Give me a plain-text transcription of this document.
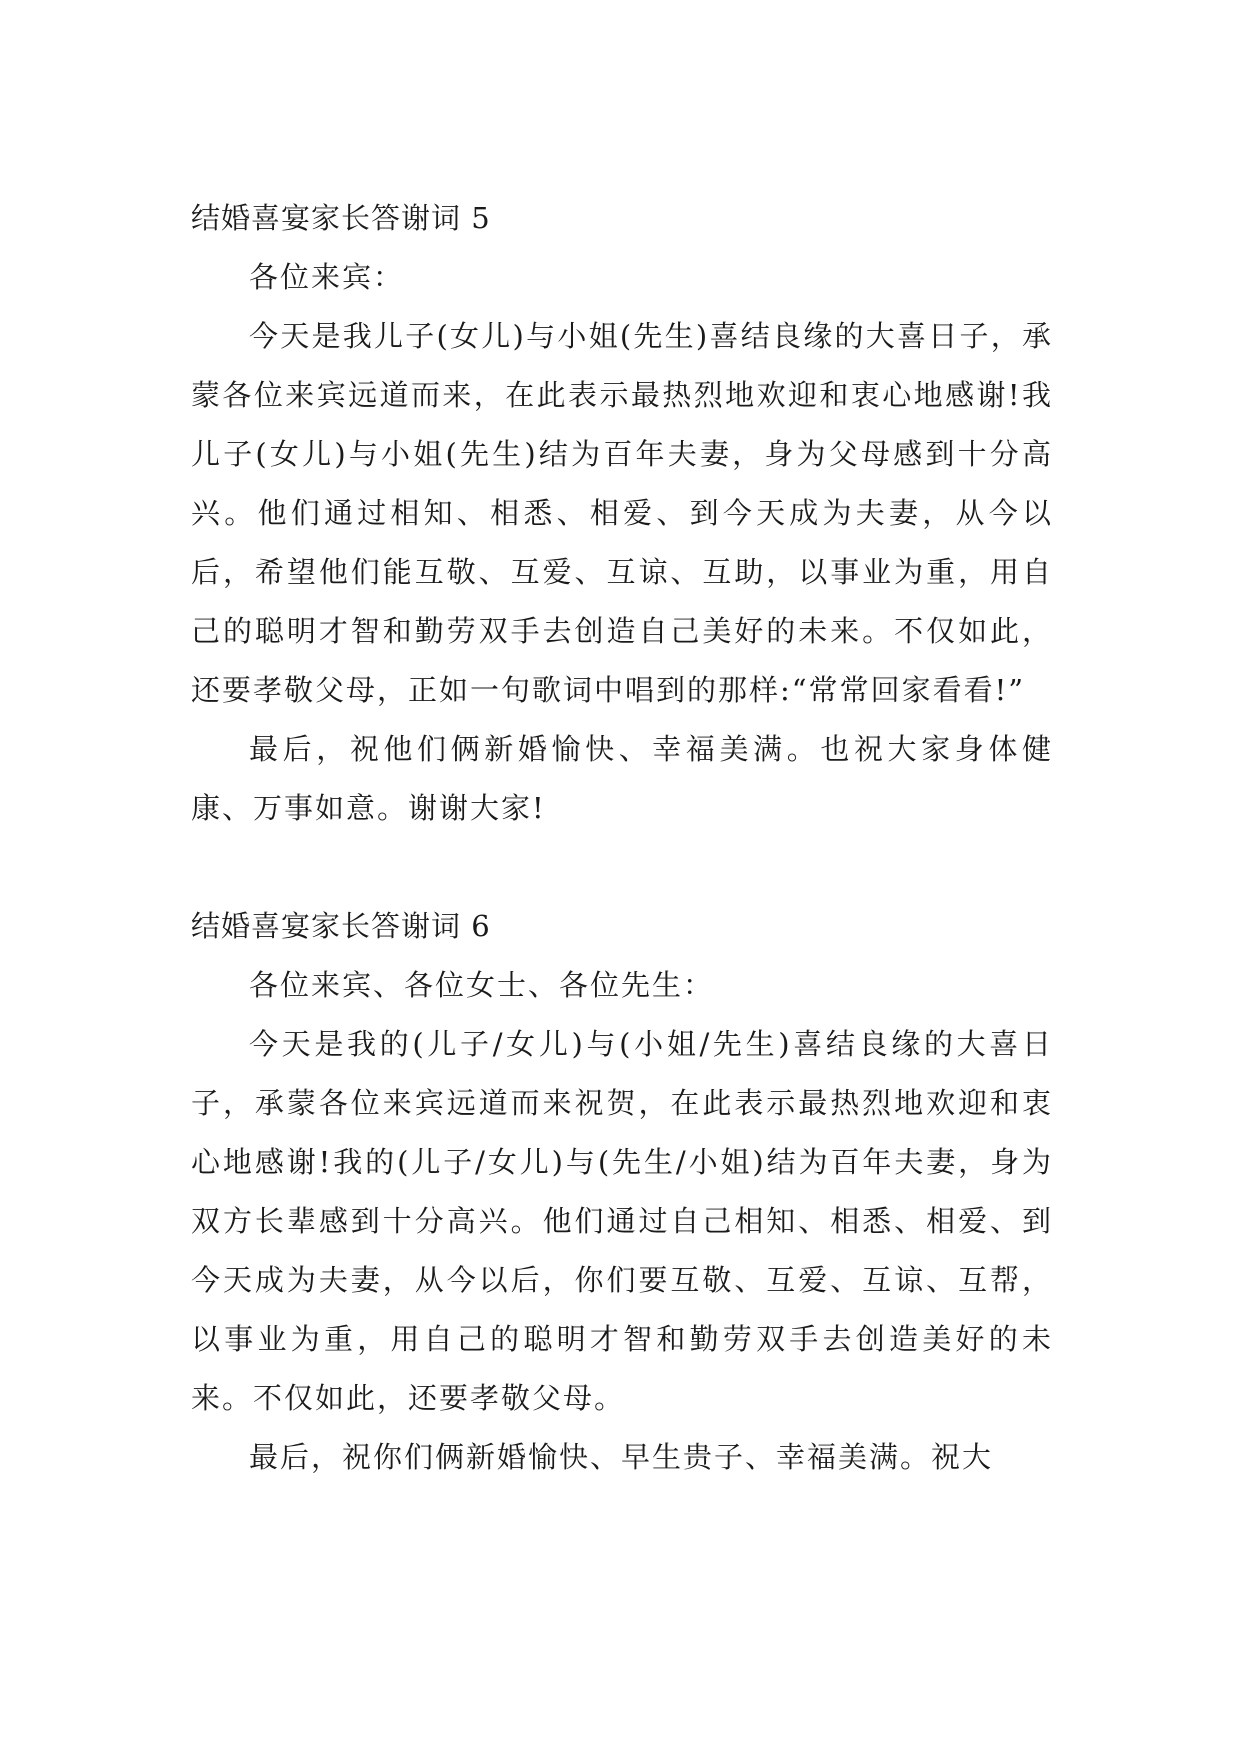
结婚喜宴家长答谢词 5

各位来宾：

今天是我儿子(女儿)与小姐(先生)喜结良缘的大喜日子，承蒙各位来宾远道而来，在此表示最热烈地欢迎和衷心地感谢!我儿子(女儿)与小姐(先生)结为百年夫妻，身为父母感到十分高兴。他们通过相知、相悉、相爱、到今天成为夫妻，从今以后，希望他们能互敬、互爱、互谅、互助，以事业为重，用自己的聪明才智和勤劳双手去创造自己美好的未来。不仅如此，还要孝敬父母，正如一句歌词中唱到的那样:“常常回家看看!”

最后，祝他们俩新婚愉快、幸福美满。也祝大家身体健康、万事如意。谢谢大家!

结婚喜宴家长答谢词 6

各位来宾、各位女士、各位先生：

今天是我的(儿子/女儿)与(小姐/先生)喜结良缘的大喜日子，承蒙各位来宾远道而来祝贺，在此表示最热烈地欢迎和衷心地感谢!我的(儿子/女儿)与(先生/小姐)结为百年夫妻，身为双方长辈感到十分高兴。他们通过自己相知、相悉、相爱、到今天成为夫妻，从今以后，你们要互敬、互爱、互谅、互帮，以事业为重，用自己的聪明才智和勤劳双手去创造美好的未来。不仅如此，还要孝敬父母。

最后，祝你们俩新婚愉快、早生贵子、幸福美满。祝大
